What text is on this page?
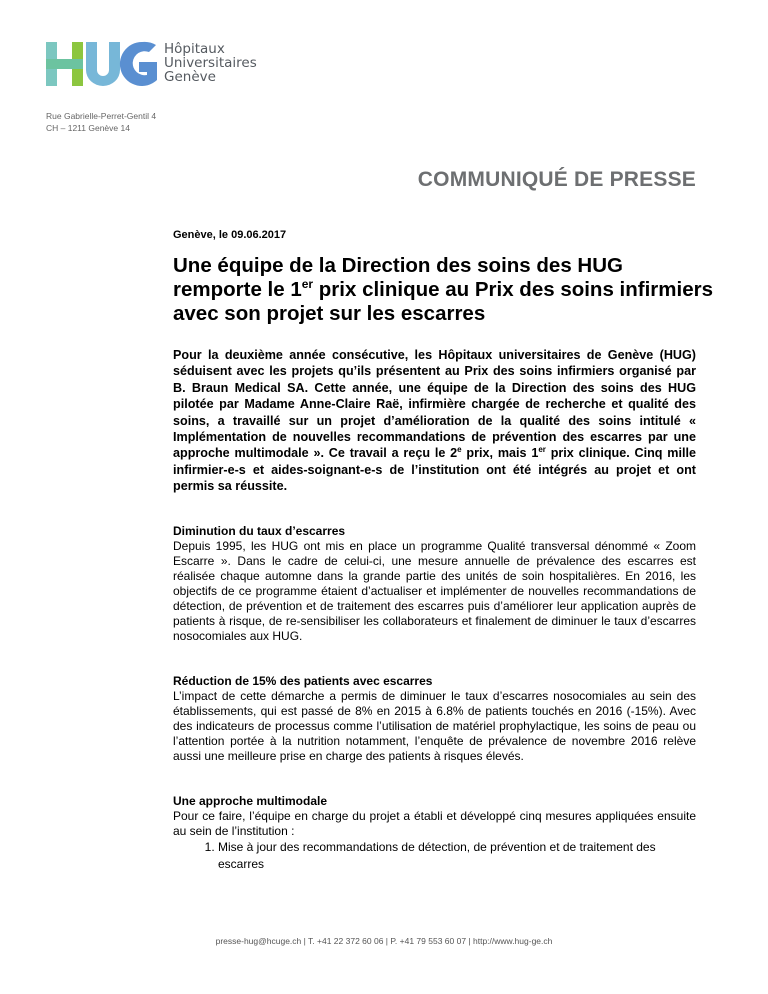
Hôpitaux
Universitaires
Genève
Rue Gabrielle-Perret-Gentil 4
CH – 1211 Genève 14
COMMUNIQUÉ DE PRESSE
Genève, le 09.06.2017
Une équipe de la Direction des soins des HUG remporte le 1er prix clinique au Prix des soins infirmiers avec son projet sur les escarres

Pour la deuxième année consécutive, les Hôpitaux universitaires de Genève (HUG) séduisent avec les projets qu’ils présentent au Prix des soins infirmiers organisé par B. Braun Medical SA. Cette année, une équipe de la Direction des soins des HUG pilotée par Madame Anne-Claire Raë, infirmière chargée de recherche et qualité des soins, a travaillé sur un projet d’amélioration de la qualité des soins intitulé « Implémentation de nouvelles recommandations de prévention des escarres par une approche multimodale ». Ce travail a reçu le 2e prix, mais 1er prix clinique. Cinq mille infirmier-e-s et aides-soignant-e-s de l’institution ont été intégrés au projet et ont permis sa réussite.

Diminution du taux d’escarres

Depuis 1995, les HUG ont mis en place un programme Qualité transversal dénommé « Zoom Escarre ». Dans le cadre de celui-ci, une mesure annuelle de prévalence des escarres est réalisée chaque automne dans la grande partie des unités de soin hospitalières. En 2016, les objectifs de ce programme étaient d’actualiser et implémenter de nouvelles recommandations de détection, de prévention et de traitement des escarres puis d’améliorer leur application auprès de patients à risque, de re-sensibiliser les collaborateurs et finalement de diminuer le taux d’escarres nosocomiales aux HUG.

Réduction de 15% des patients avec escarres

L’impact de cette démarche a permis de diminuer le taux d’escarres nosocomiales au sein des établissements, qui est passé de 8% en 2015 à 6.8% de patients touchés en 2016 (-15%). Avec des indicateurs de processus comme l’utilisation de matériel prophylactique, les soins de peau ou l’attention portée à la nutrition notamment, l’enquête de prévalence de novembre 2016 relève aussi une meilleure prise en charge des patients à risques élevés.

Une approche multimodale

Pour ce faire, l’équipe en charge du projet a établi et développé cinq mesures appliquées ensuite au sein de l’institution :

1. Mise à jour des recommandations de détection, de prévention et de traitement des escarres
presse-hug@hcuge.ch | T. +41 22 372 60 06 | P. +41 79 553 60 07 | http://www.hug-ge.ch
